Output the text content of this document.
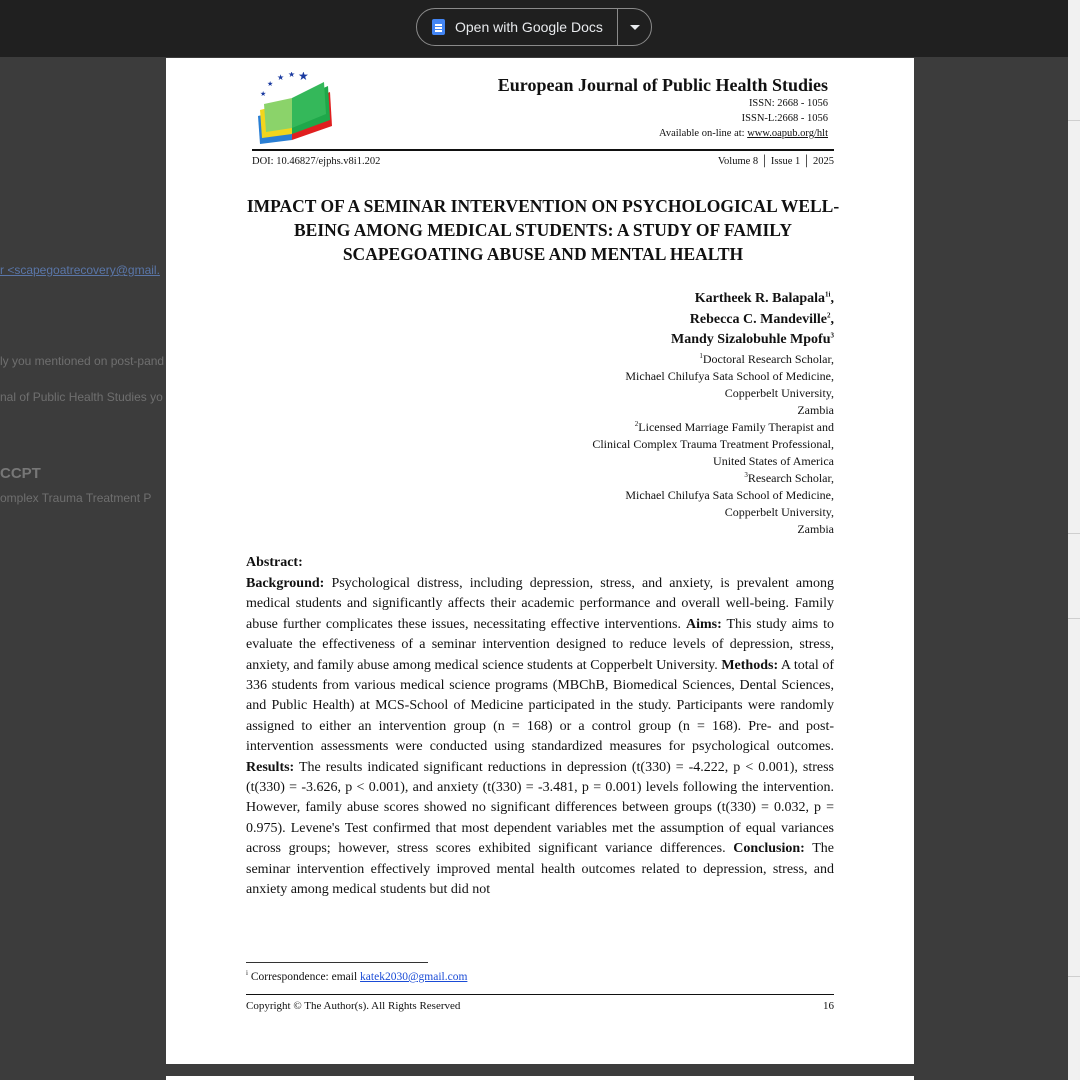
Open with Google Docs
r <scapegoatrecovery@gmail.
ly you mentioned on post-pand
nal of Public Health Studies yo
CCPT
omplex Trauma Treatment P
★
★
★ ★ ★	European Journal of Public Health Studies
ISSN: 2668 - 1056
ISSN-L:2668 - 1056
Available on-line at: www.oapub.org/hlt
DOI: 10.46827/ejphs.v8i1.202	Volume 8 │ Issue 1 │ 2025
IMPACT OF A SEMINAR INTERVENTION ON PSYCHOLOGICAL WELL-BEING AMONG MEDICAL STUDENTS: A STUDY OF FAMILY SCAPEGOATING ABUSE AND MENTAL HEALTH
Kartheek R. Balapala$^{1i}$,
Rebecca C. Mandeville$^2$,
Mandy Sizalobuhle Mpofu$^3$
$^1$Doctoral Research Scholar,
Michael Chilufya Sata School of Medicine,
Copperbelt University,
Zambia
$^2$Licensed Marriage Family Therapist and
Clinical Complex Trauma Treatment Professional,
United States of America
$^3$Research Scholar,
Michael Chilufya Sata School of Medicine,
Copperbelt University,
Zambia
Abstract:
Background: Psychological distress, including depression, stress, and anxiety, is prevalent among medical students and significantly affects their academic performance and overall well-being. Family abuse further complicates these issues, necessitating effective interventions. Aims: This study aims to evaluate the effectiveness of a seminar intervention designed to reduce levels of depression, stress, anxiety, and family abuse among medical science students at Copperbelt University. Methods: A total of 336 students from various medical science programs (MBChB, Biomedical Sciences, Dental Sciences, and Public Health) at MCS-School of Medicine participated in the study. Participants were randomly assigned to either an intervention group (n = 168) or a control group (n = 168). Pre- and post-intervention assessments were conducted using standardized measures for psychological outcomes. Results: The results indicated significant reductions in depression (t(330) = -4.222, p < 0.001), stress (t(330) = -3.626, p < 0.001), and anxiety (t(330) = -3.481, p = 0.001) levels following the intervention. However, family abuse scores showed no significant differences between groups (t(330) = 0.032, p = 0.975). Levene's Test confirmed that most dependent variables met the assumption of equal variances across groups; however, stress scores exhibited significant variance differences. Conclusion: The seminar intervention effectively improved mental health outcomes related to depression, stress, and anxiety among medical students but did not
$^i$ Correspondence: email katek2030@gmail.com
Copyright © The Author(s). All Rights Reserved	16
